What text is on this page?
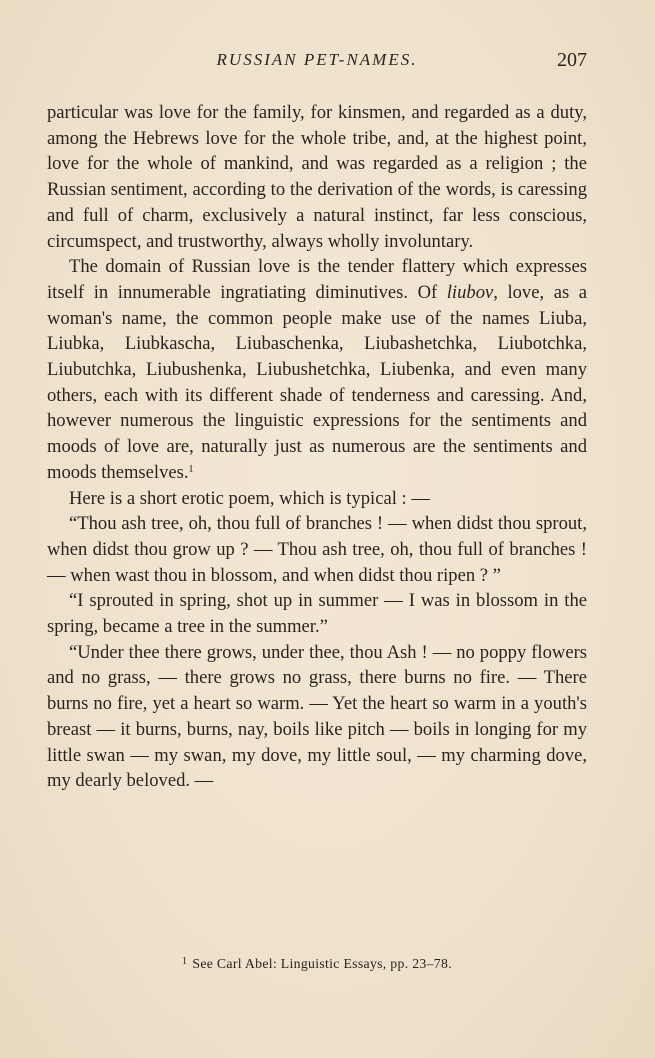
RUSSIAN PET-NAMES.	207

particular was love for the family, for kinsmen, and regarded as a duty, among the Hebrews love for the whole tribe, and, at the highest point, love for the whole of mankind, and was regarded as a religion ; the Russian sentiment, according to the derivation of the words, is caressing and full of charm, exclusively a natural instinct, far less conscious, circumspect, and trustworthy, always wholly involuntary.

The domain of Russian love is the tender flattery which expresses itself in innumerable ingratiating diminutives. Of liubov, love, as a woman's name, the common people make use of the names Liuba, Liubka, Liubkascha, Liubaschenka, Liubashetchka, Liubotchka, Liubutchka, Liubushenka, Liubushetchka, Liubenka, and even many others, each with its different shade of tenderness and caressing. And, however numerous the linguistic expressions for the sentiments and moods of love are, naturally just as numerous are the sentiments and moods themselves.$^1$

Here is a short erotic poem, which is typical : —

“Thou ash tree, oh, thou full of branches ! — when didst thou sprout, when didst thou grow up ? — Thou ash tree, oh, thou full of branches ! — when wast thou in blossom, and when didst thou ripen ? ”

“I sprouted in spring, shot up in summer — I was in blossom in the spring, became a tree in the summer.”

“Under thee there grows, under thee, thou Ash ! — no poppy flowers and no grass, — there grows no grass, there burns no fire. — There burns no fire, yet a heart so warm. — Yet the heart so warm in a youth's breast — it burns, burns, nay, boils like pitch — boils in longing for my little swan — my swan, my dove, my little soul, — my charming dove, my dearly beloved. —

$^1$ See Carl Abel: Linguistic Essays, pp. 23–78.
